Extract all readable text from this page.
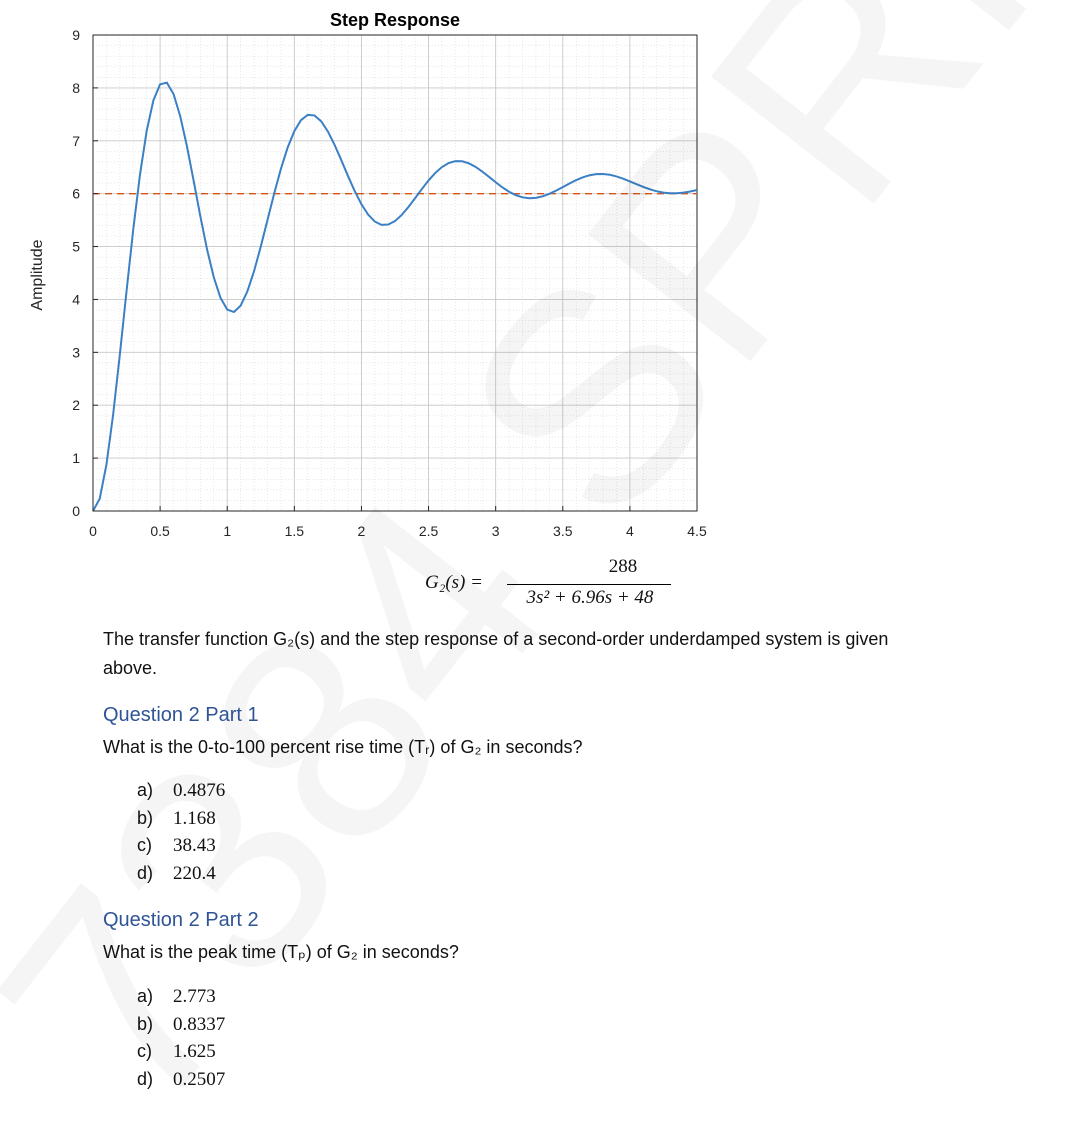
0	0.5	1	1.5	2	2.5	3	3.5	4	4.5
0
1
2
3
4
5
6
7
8
9
Step Response
Amplitude
G₂(s) =
288
3s² + 6.96s + 48
The transfer function G₂(s) and the step response of a second-order underdamped system is given
above.
Question 2 Part 1
What is the 0-to-100 percent rise time (Tᵣ) of G₂ in seconds?
a) 0.4876
b) 1.168
c) 38.43
d) 220.4
Question 2 Part 2
What is the peak time (Tₚ) of G₂ in seconds?
a) 2.773
b) 0.8337
c) 1.625
d) 0.2507
